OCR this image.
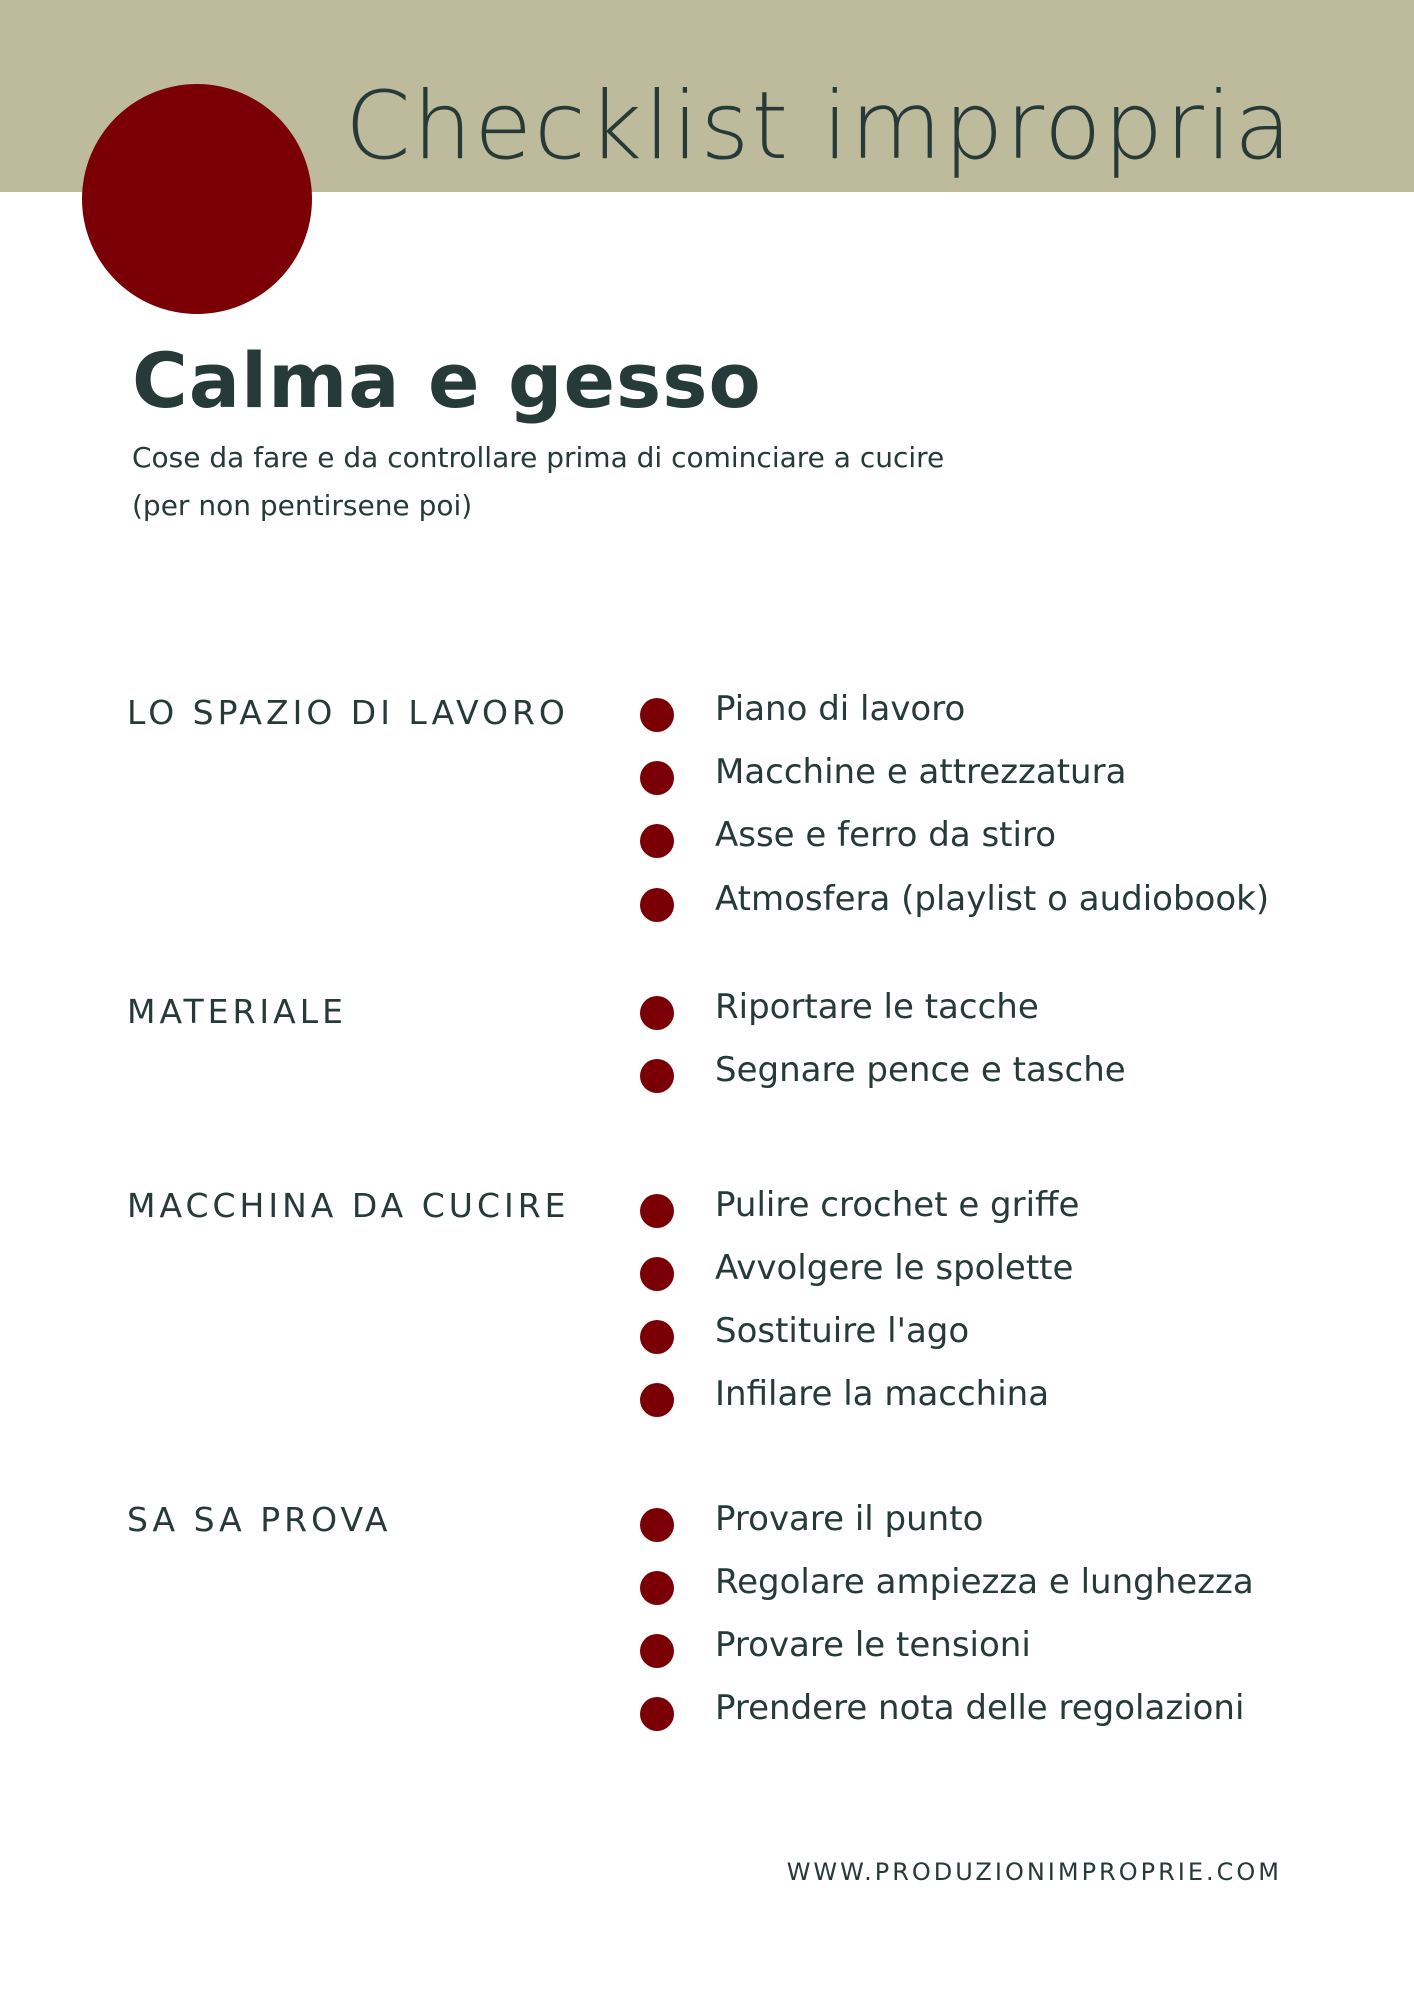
Checklist impropria
Calma e gesso
Cose da fare e da controllare prima di cominciare a cucire
(per non pentirsene poi)
LO SPAZIO DI LAVORO	Piano di lavoro
Macchine e attrezzatura
Asse e ferro da stiro
Atmosfera (playlist o audiobook)
MATERIALE	Riportare le tacche
Segnare pence e tasche
MACCHINA DA CUCIRE	Pulire crochet e griffe
Avvolgere le spolette
Sostituire l'ago
Infilare la macchina
SA SA PROVA	Provare il punto
Regolare ampiezza e lunghezza
Provare le tensioni
Prendere nota delle regolazioni
WWW.PRODUZIONIMPROPRIE.COM
